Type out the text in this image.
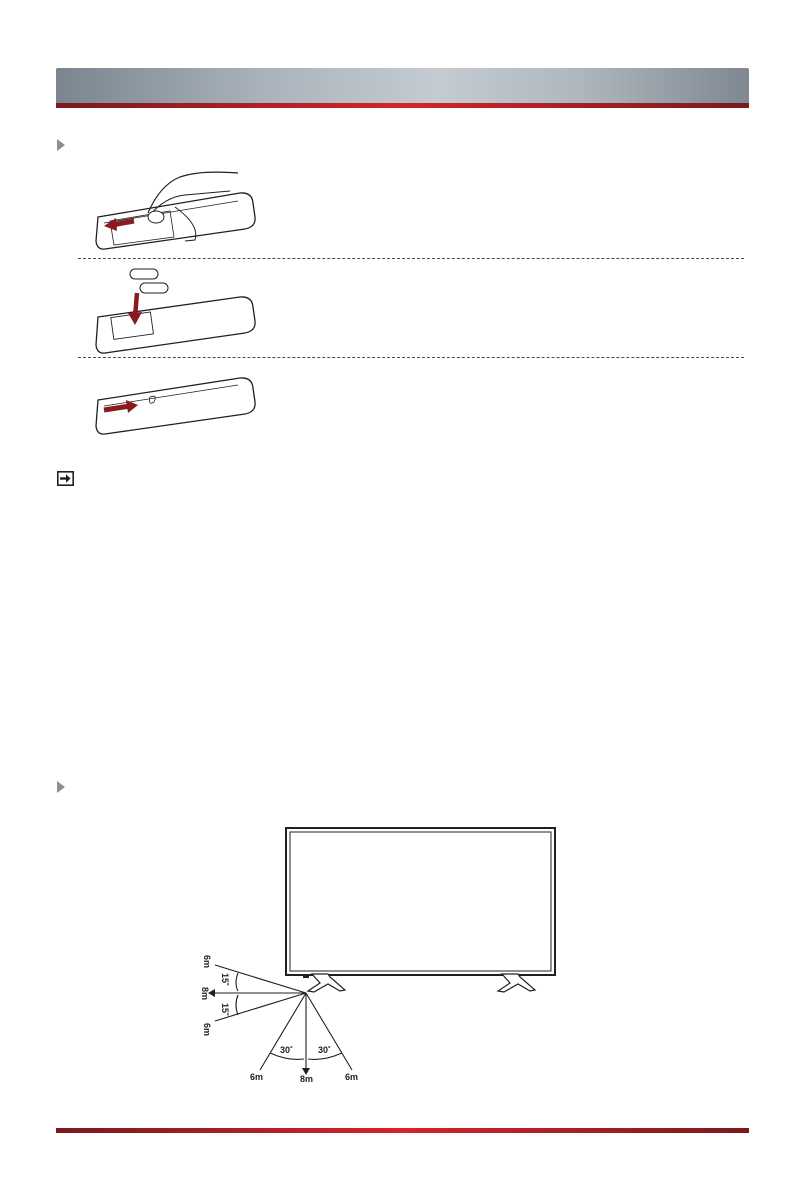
6m
8m
6m
15˚
15˚
30˚	30˚
6m	8m	6m
